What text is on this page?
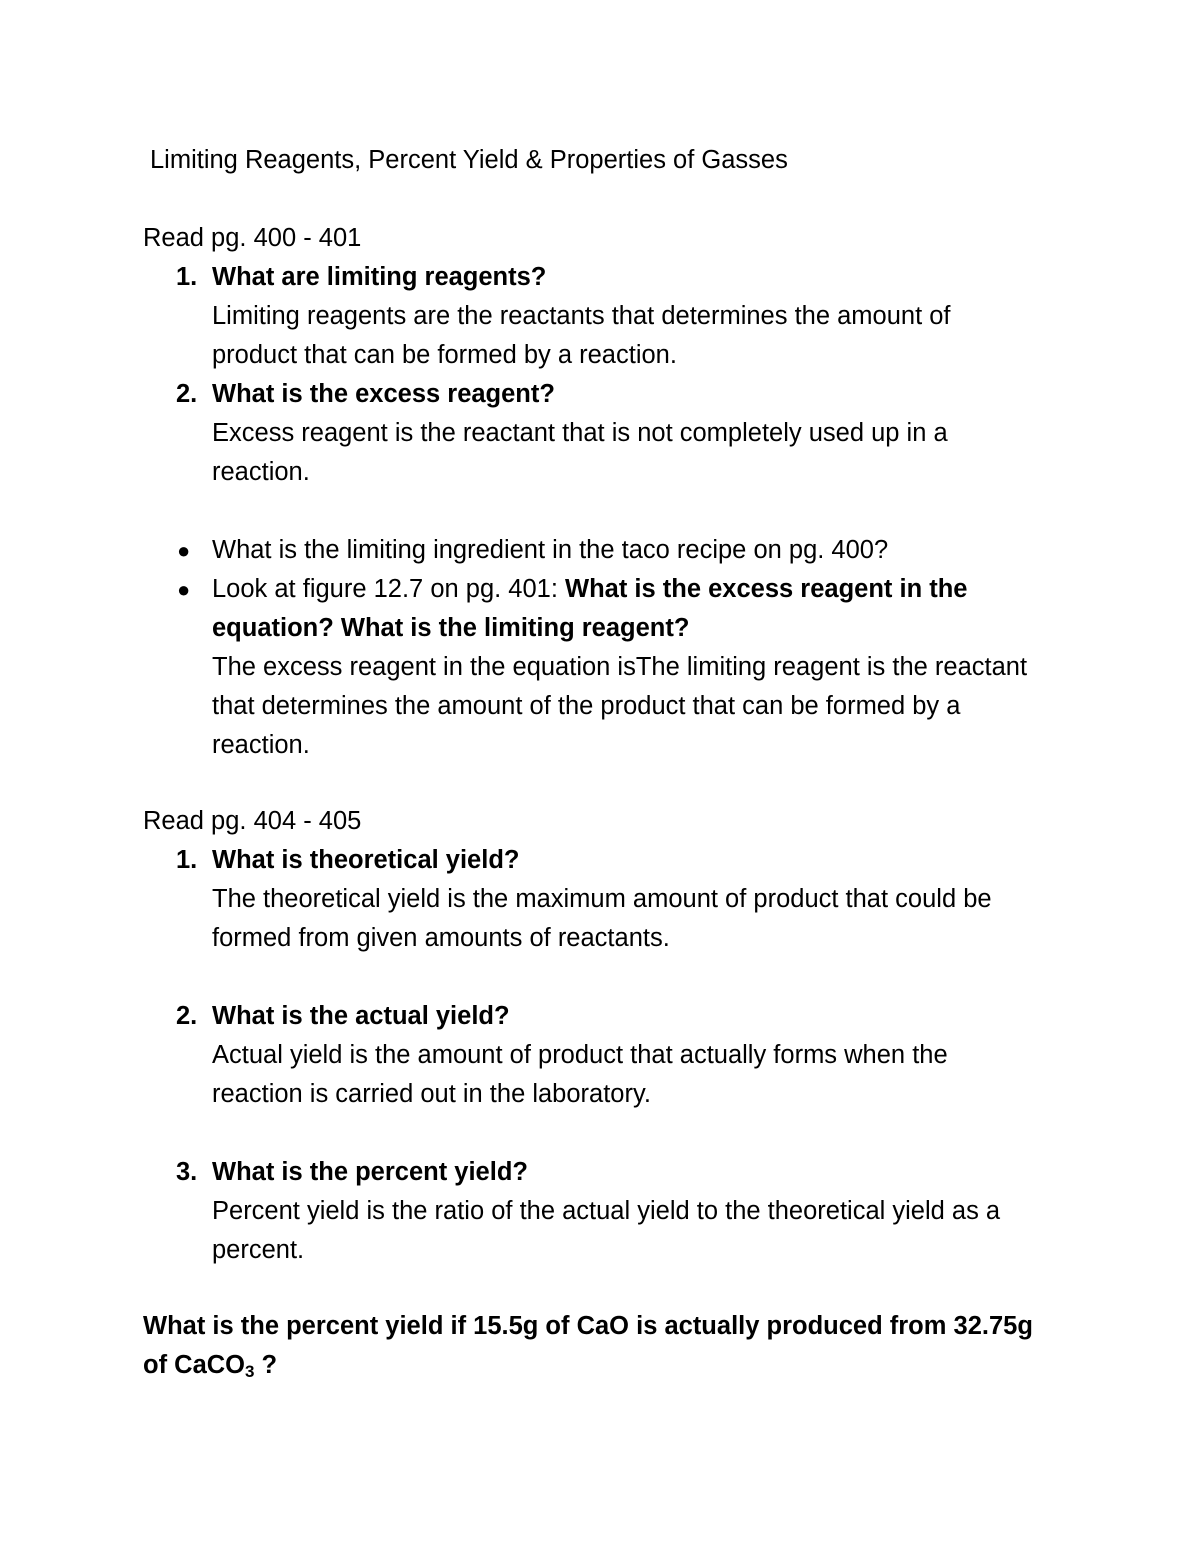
Limiting Reagents, Percent Yield & Properties of Gasses
Read pg. 400 - 401
1. What are limiting reagents?
Limiting reagents are the reactants that determines the amount of product that can be formed by a reaction.
2. What is the excess reagent?
Excess reagent is the reactant that is not completely used up in a reaction.
● What is the limiting ingredient in the taco recipe on pg. 400?
● Look at figure 12.7 on pg. 401: What is the excess reagent in the equation? What is the limiting reagent?
The excess reagent in the equation isThe limiting reagent is the reactant that determines the amount of the product that can be formed by a reaction.
Read pg. 404 - 405
1. What is theoretical yield?
The theoretical yield is the maximum amount of product that could be formed from given amounts of reactants.
2. What is the actual yield?
Actual yield is the amount of product that actually forms when the reaction is carried out in the laboratory.
3. What is the percent yield?
Percent yield is the ratio of the actual yield to the theoretical yield as a percent.
What is the percent yield if 15.5g of CaO is actually produced from 32.75g of CaCO$_3$ ?
